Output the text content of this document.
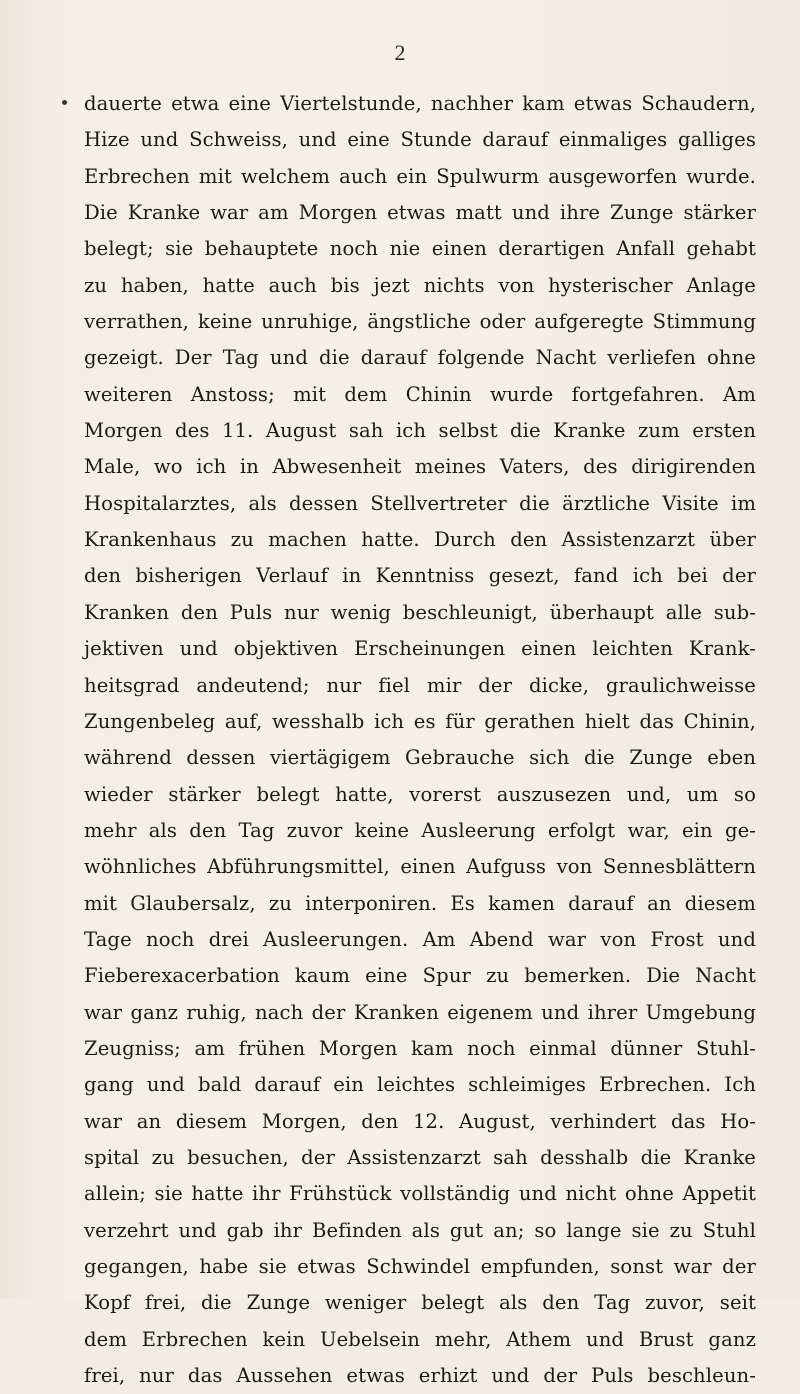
2
dauerte etwa eine Viertelstunde, nachher kam etwas Schaudern,
Hize und Schweiss, und eine Stunde darauf einmaliges galliges
Erbrechen mit welchem auch ein Spulwurm ausgeworfen wurde.
Die Kranke war am Morgen etwas matt und ihre Zunge stärker
belegt; sie behauptete noch nie einen derartigen Anfall gehabt
zu haben, hatte auch bis jezt nichts von hysterischer Anlage
verrathen, keine unruhige, ängstliche oder aufgeregte Stimmung
gezeigt. Der Tag und die darauf folgende Nacht verliefen ohne
weiteren Anstoss; mit dem Chinin wurde fortgefahren. Am
Morgen des 11. August sah ich selbst die Kranke zum ersten
Male, wo ich in Abwesenheit meines Vaters, des dirigirenden
Hospitalarztes, als dessen Stellvertreter die ärztliche Visite im
Krankenhaus zu machen hatte. Durch den Assistenzarzt über
den bisherigen Verlauf in Kenntniss gesezt, fand ich bei der
Kranken den Puls nur wenig beschleunigt, überhaupt alle sub-
jektiven und objektiven Erscheinungen einen leichten Krank-
heitsgrad andeutend; nur fiel mir der dicke, graulichweisse
Zungenbeleg auf, wesshalb ich es für gerathen hielt das Chinin,
während dessen viertägigem Gebrauche sich die Zunge eben
wieder stärker belegt hatte, vorerst auszusezen und, um so
mehr als den Tag zuvor keine Ausleerung erfolgt war, ein ge-
wöhnliches Abführungsmittel, einen Aufguss von Sennesblättern
mit Glaubersalz, zu interponiren. Es kamen darauf an diesem
Tage noch drei Ausleerungen. Am Abend war von Frost und
Fieberexacerbation kaum eine Spur zu bemerken. Die Nacht
war ganz ruhig, nach der Kranken eigenem und ihrer Umgebung
Zeugniss; am frühen Morgen kam noch einmal dünner Stuhl-
gang und bald darauf ein leichtes schleimiges Erbrechen. Ich
war an diesem Morgen, den 12. August, verhindert das Ho-
spital zu besuchen, der Assistenzarzt sah desshalb die Kranke
allein; sie hatte ihr Frühstück vollständig und nicht ohne Appetit
verzehrt und gab ihr Befinden als gut an; so lange sie zu Stuhl
gegangen, habe sie etwas Schwindel empfunden, sonst war der
Kopf frei, die Zunge weniger belegt als den Tag zuvor, seit
dem Erbrechen kein Uebelsein mehr, Athem und Brust ganz
frei, nur das Aussehen etwas erhizt und der Puls beschleun-
